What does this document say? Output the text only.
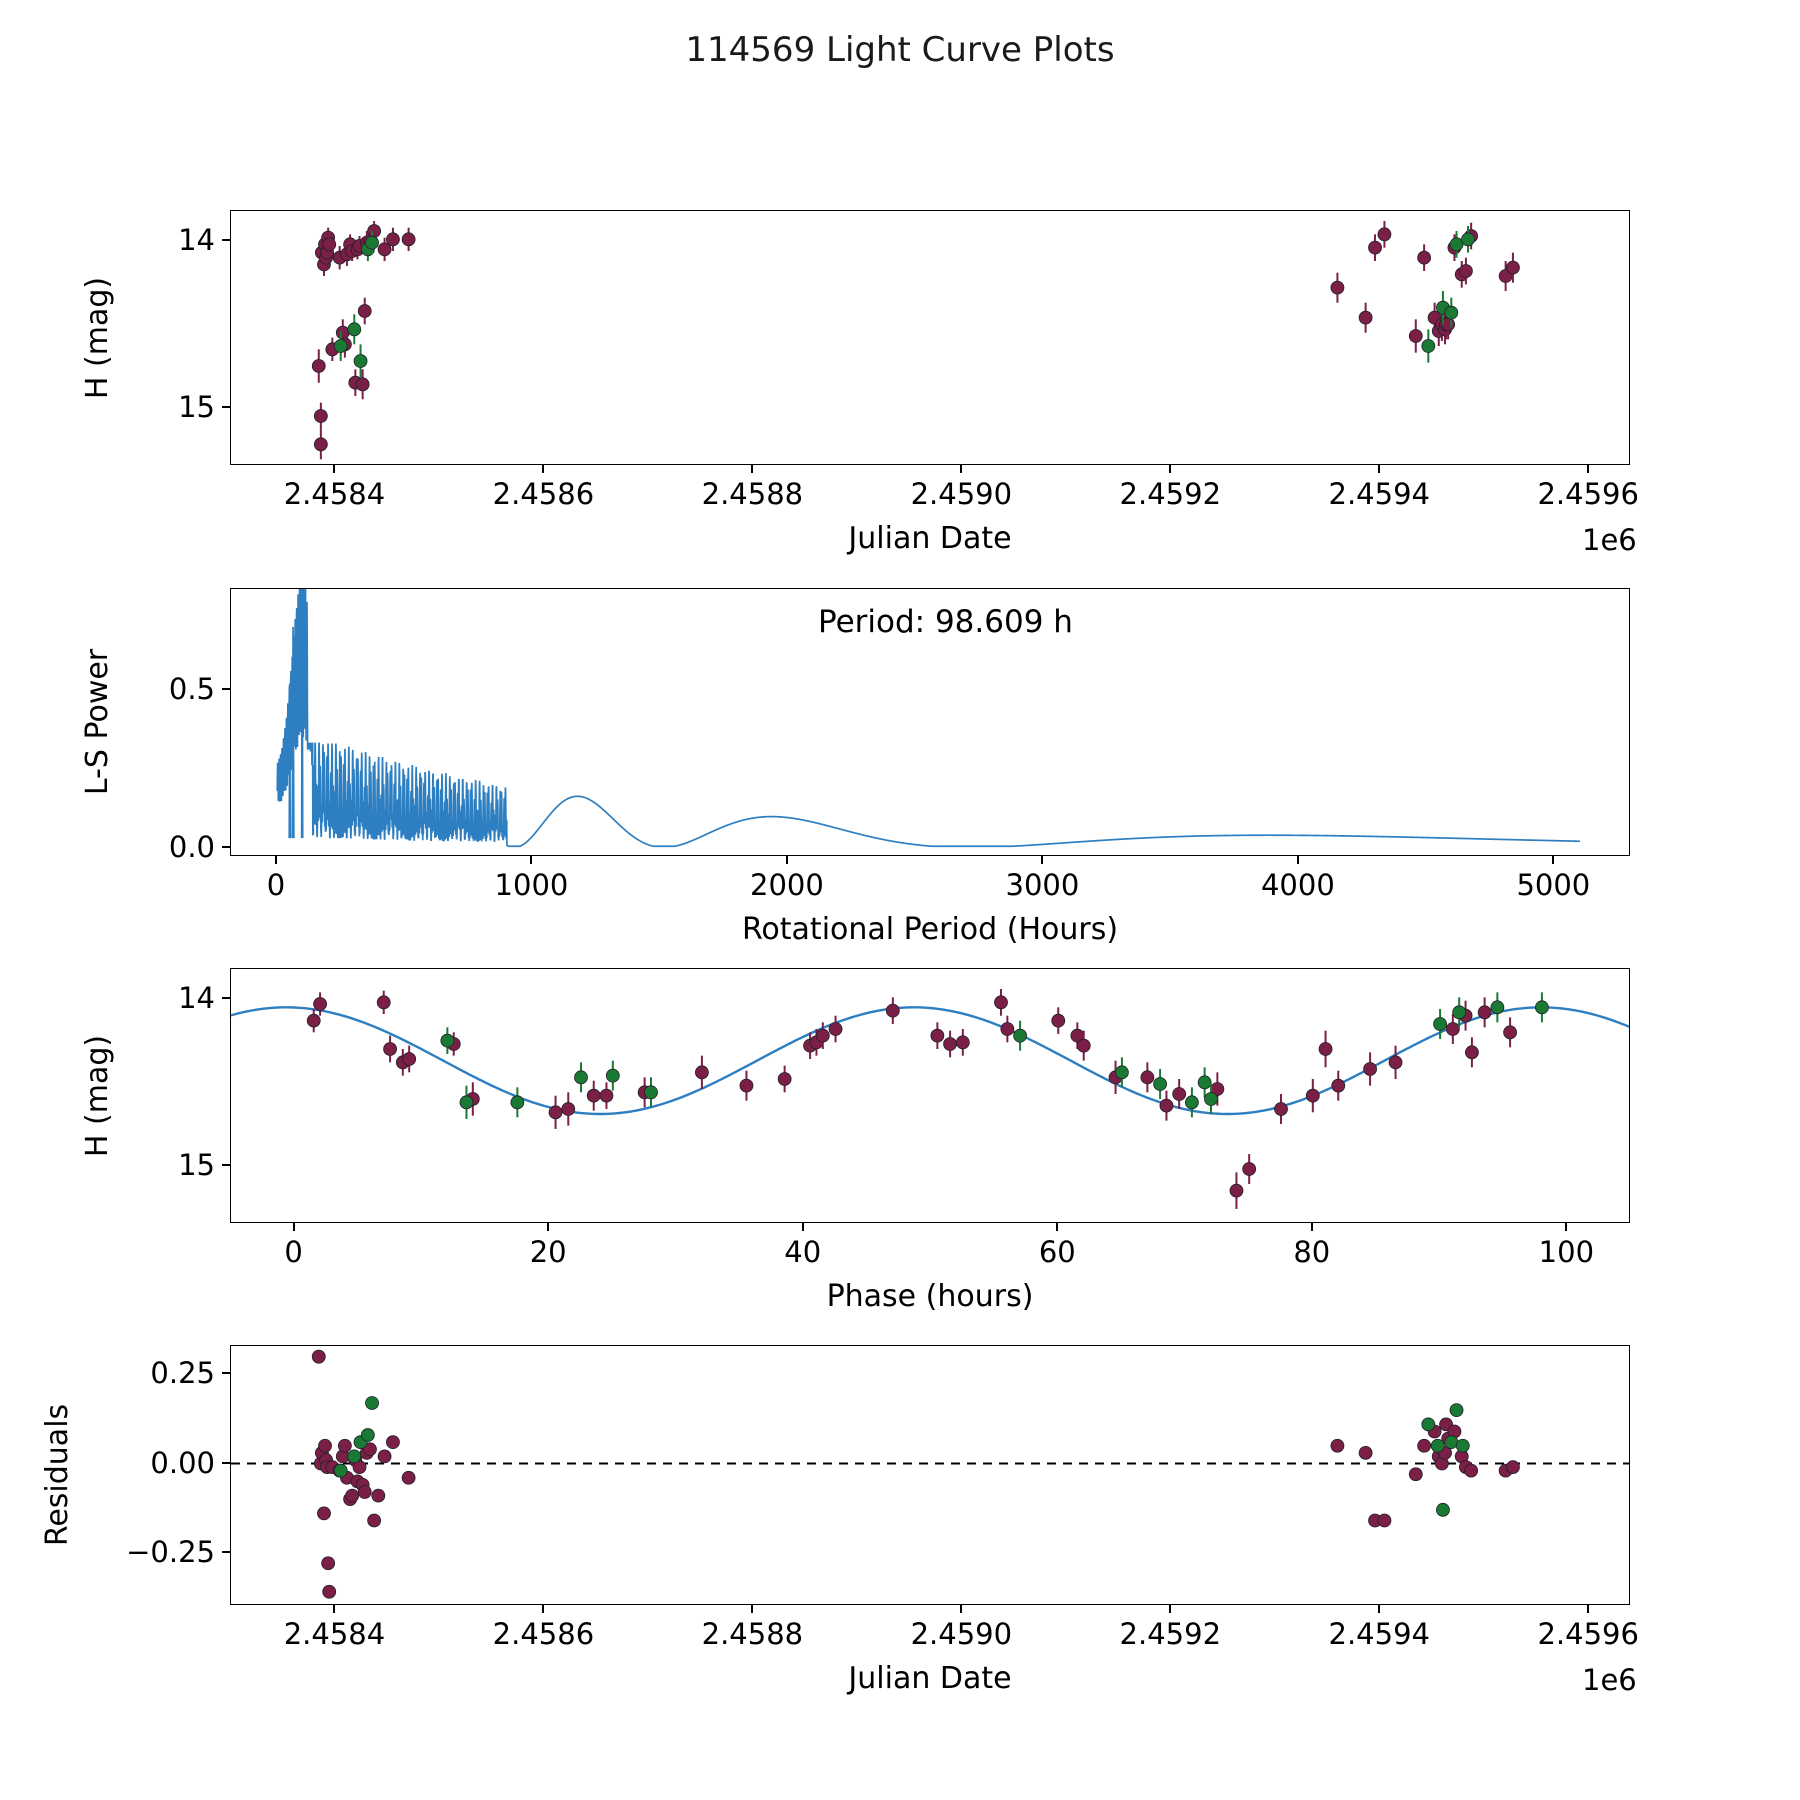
114569 Light Curve Plots
2.4584	2.4586	2.4588	2.4590	2.4592	2.4594	2.4596
14
15
Julian Date	1e6
H (mag)
0	1000	2000	3000	4000	5000
0.0
0.5
Rotational Period (Hours)
L-S Power
0	20	40	60	80	100
14
15
Phase (hours)
H (mag)
2.4584	2.4586	2.4588	2.4590	2.4592	2.4594	2.4596
−0.25
0.00
0.25
Julian Date	1e6
Residuals
Period: 98.609 h
